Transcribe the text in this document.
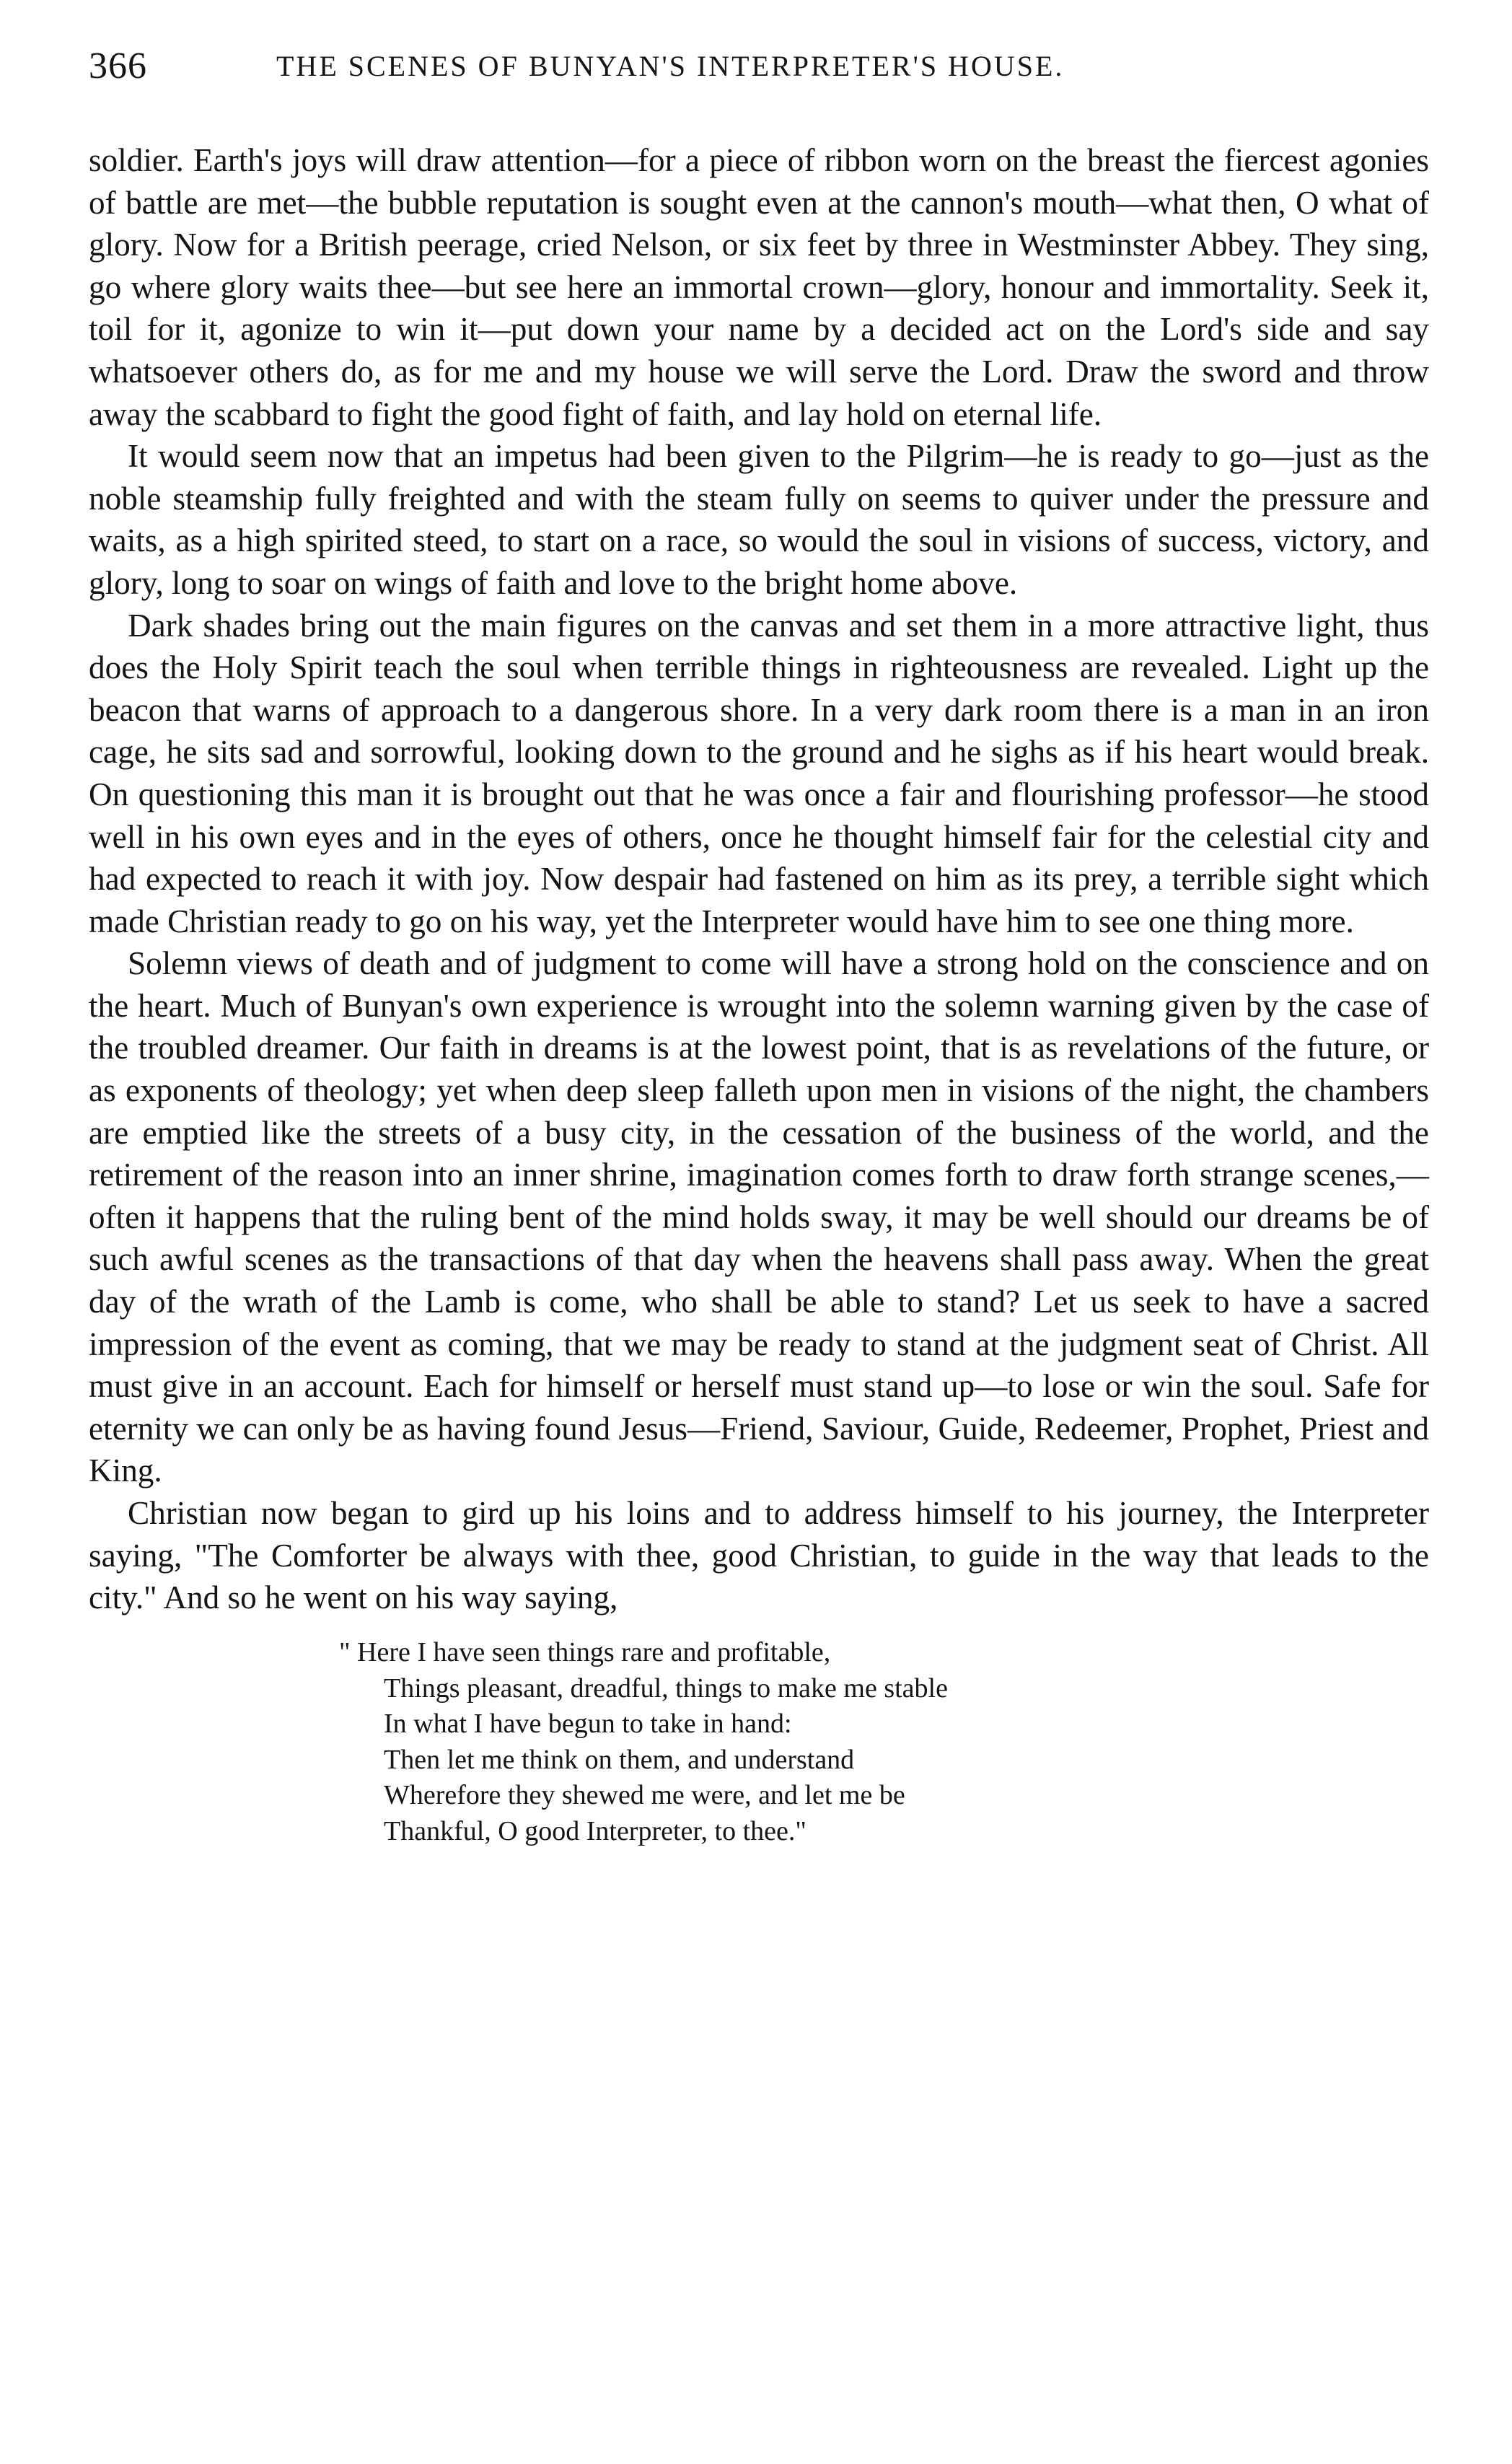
366	THE SCENES OF BUNYAN'S INTERPRETER'S HOUSE.

soldier. Earth's joys will draw attention—for a piece of ribbon worn on the breast the fiercest agonies of battle are met—the bubble reputation is sought even at the cannon's mouth—what then, O what of glory. Now for a British peerage, cried Nelson, or six feet by three in Westminster Abbey. They sing, go where glory waits thee—but see here an immortal crown—glory, honour and immortality. Seek it, toil for it, agonize to win it—put down your name by a decided act on the Lord's side and say whatsoever others do, as for me and my house we will serve the Lord. Draw the sword and throw away the scabbard to fight the good fight of faith, and lay hold on eternal life.

It would seem now that an impetus had been given to the Pilgrim—he is ready to go—just as the noble steamship fully freighted and with the steam fully on seems to quiver under the pressure and waits, as a high spirited steed, to start on a race, so would the soul in visions of success, victory, and glory, long to soar on wings of faith and love to the bright home above.

Dark shades bring out the main figures on the canvas and set them in a more attractive light, thus does the Holy Spirit teach the soul when terrible things in righteousness are revealed. Light up the beacon that warns of approach to a dangerous shore. In a very dark room there is a man in an iron cage, he sits sad and sorrowful, looking down to the ground and he sighs as if his heart would break. On questioning this man it is brought out that he was once a fair and flourishing professor—he stood well in his own eyes and in the eyes of others, once he thought himself fair for the celestial city and had expected to reach it with joy. Now despair had fastened on him as its prey, a terrible sight which made Christian ready to go on his way, yet the Interpreter would have him to see one thing more.

Solemn views of death and of judgment to come will have a strong hold on the conscience and on the heart. Much of Bunyan's own experience is wrought into the solemn warning given by the case of the troubled dreamer. Our faith in dreams is at the lowest point, that is as revelations of the future, or as exponents of theology; yet when deep sleep falleth upon men in visions of the night, the chambers are emptied like the streets of a busy city, in the cessation of the business of the world, and the retirement of the reason into an inner shrine, imagination comes forth to draw forth strange scenes,—often it happens that the ruling bent of the mind holds sway, it may be well should our dreams be of such awful scenes as the transactions of that day when the heavens shall pass away. When the great day of the wrath of the Lamb is come, who shall be able to stand? Let us seek to have a sacred impression of the event as coming, that we may be ready to stand at the judgment seat of Christ. All must give in an account. Each for himself or herself must stand up—to lose or win the soul. Safe for eternity we can only be as having found Jesus—Friend, Saviour, Guide, Redeemer, Prophet, Priest and King.

Christian now began to gird up his loins and to address himself to his journey, the Interpreter saying, "The Comforter be always with thee, good Christian, to guide in the way that leads to the city." And so he went on his way saying,

" Here I have seen things rare and profitable,
Things pleasant, dreadful, things to make me stable
In what I have begun to take in hand:
Then let me think on them, and understand
Wherefore they shewed me were, and let me be
Thankful, O good Interpreter, to thee."
